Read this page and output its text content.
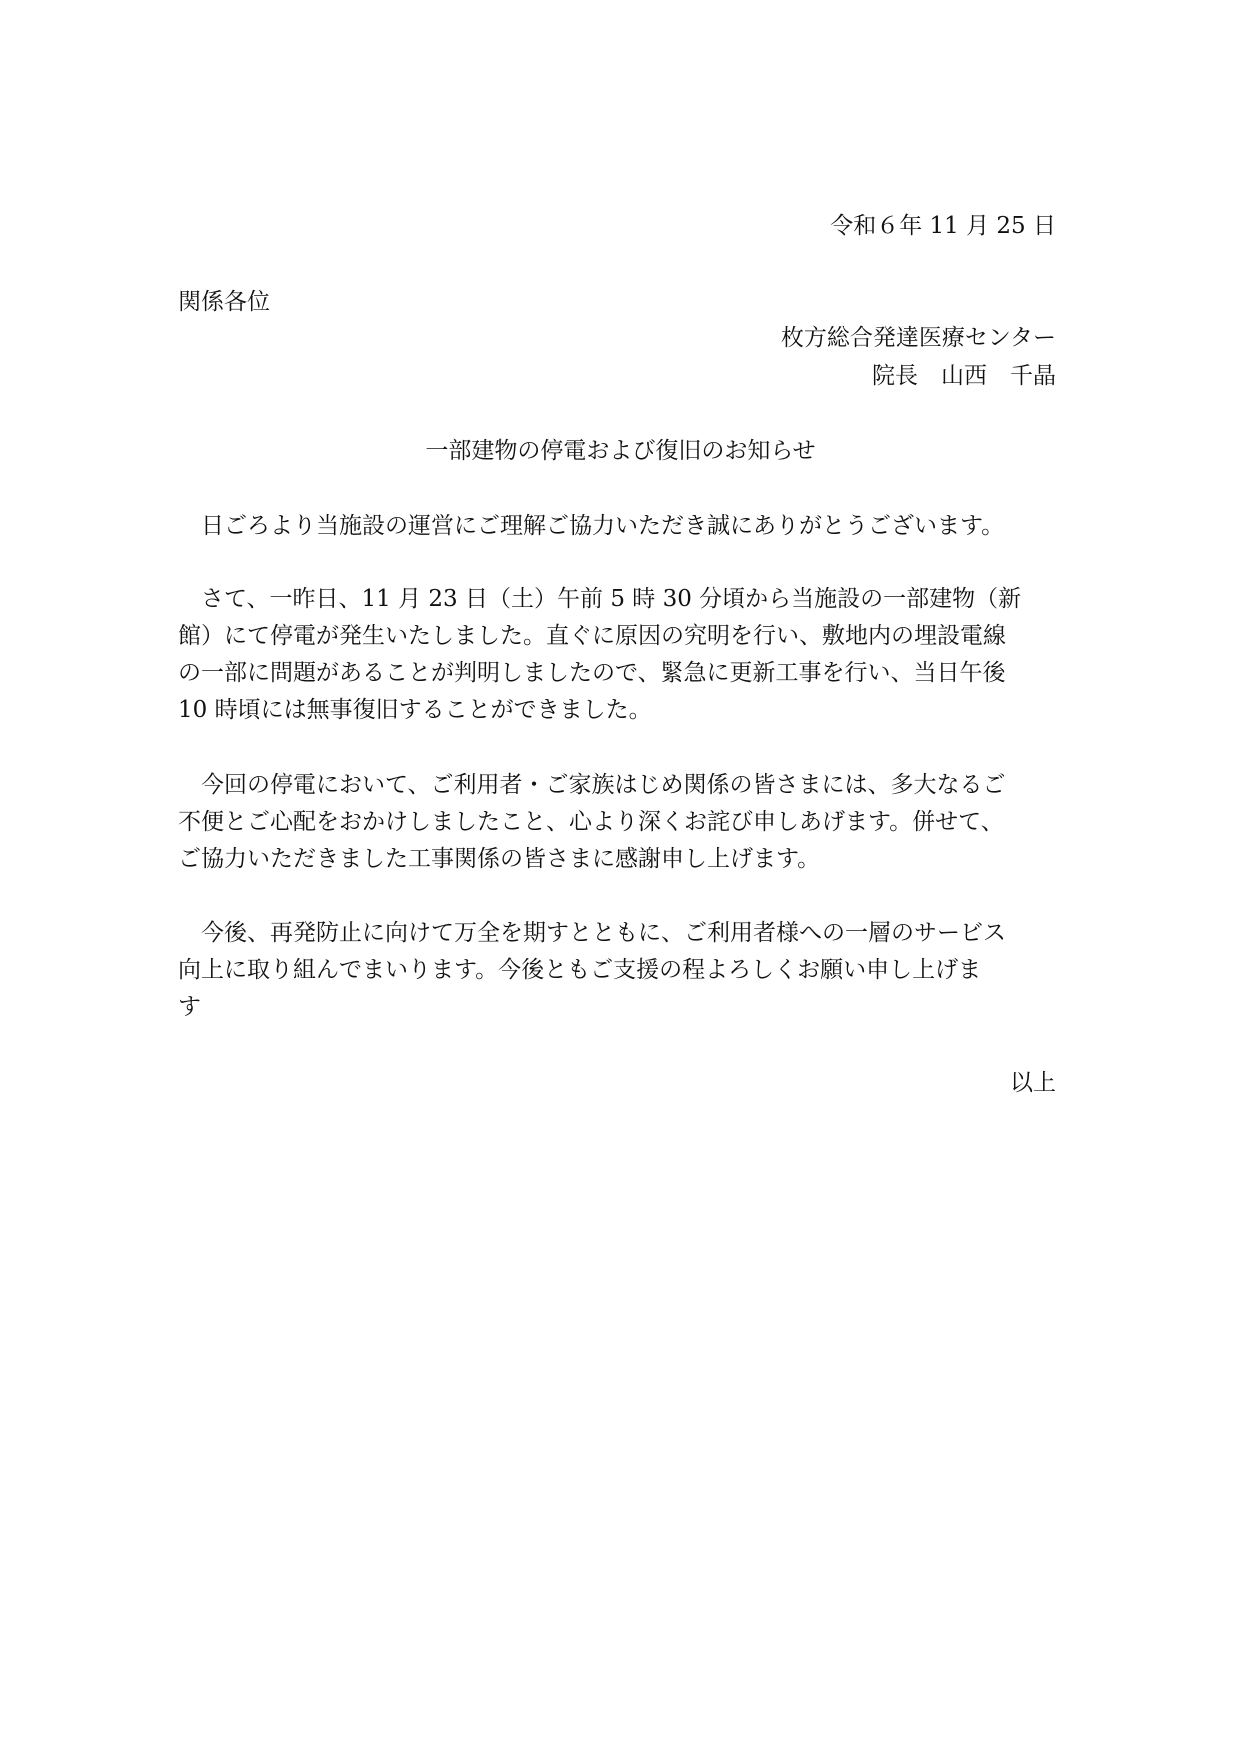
令和６年 11 月 25 日
関係各位
枚方総合発達医療センター
院長　山西　千晶
一部建物の停電および復旧のお知らせ
　日ごろより当施設の運営にご理解ご協力いただき誠にありがとうございます。
　さて、一昨日、11 月 23 日（土）午前 5 時 30 分頃から当施設の一部建物（新
館）にて停電が発生いたしました。直ぐに原因の究明を行い、敷地内の埋設電線
の一部に問題があることが判明しましたので、緊急に更新工事を行い、当日午後
10 時頃には無事復旧することができました。
　今回の停電において、ご利用者・ご家族はじめ関係の皆さまには、多大なるご
不便とご心配をおかけしましたこと、心より深くお詫び申しあげます。併せて、
ご協力いただきました工事関係の皆さまに感謝申し上げます。
　今後、再発防止に向けて万全を期すとともに、ご利用者様への一層のサービス
向上に取り組んでまいります。今後ともご支援の程よろしくお願い申し上げま
す
以上
